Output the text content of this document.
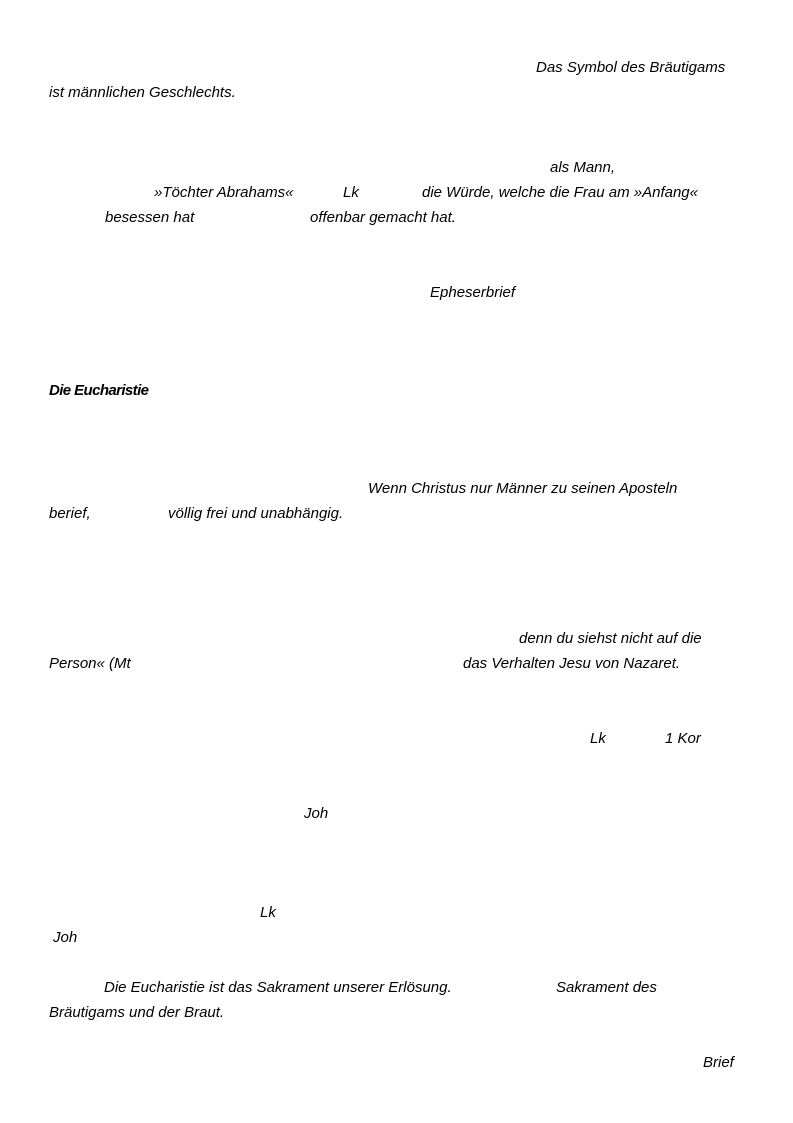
Das Symbol des Bräutigams
ist männlichen Geschlechts.
als Mann,
»Töchter Abrahams«	Lk	die Würde, welche die Frau am »Anfang«
besessen hat	offenbar gemacht hat.
Epheserbrief
Die Eucharistie
Wenn Christus nur Männer zu seinen Aposteln
berief,	völlig frei und unabhängig.
denn du siehst nicht auf die
Person« (Mt	das Verhalten Jesu von Nazaret.
Lk	1 Kor
Joh
Lk
Joh
Die Eucharistie ist das Sakrament unserer Erlösung.	Sakrament des
Bräutigams und der Braut.
Brief
